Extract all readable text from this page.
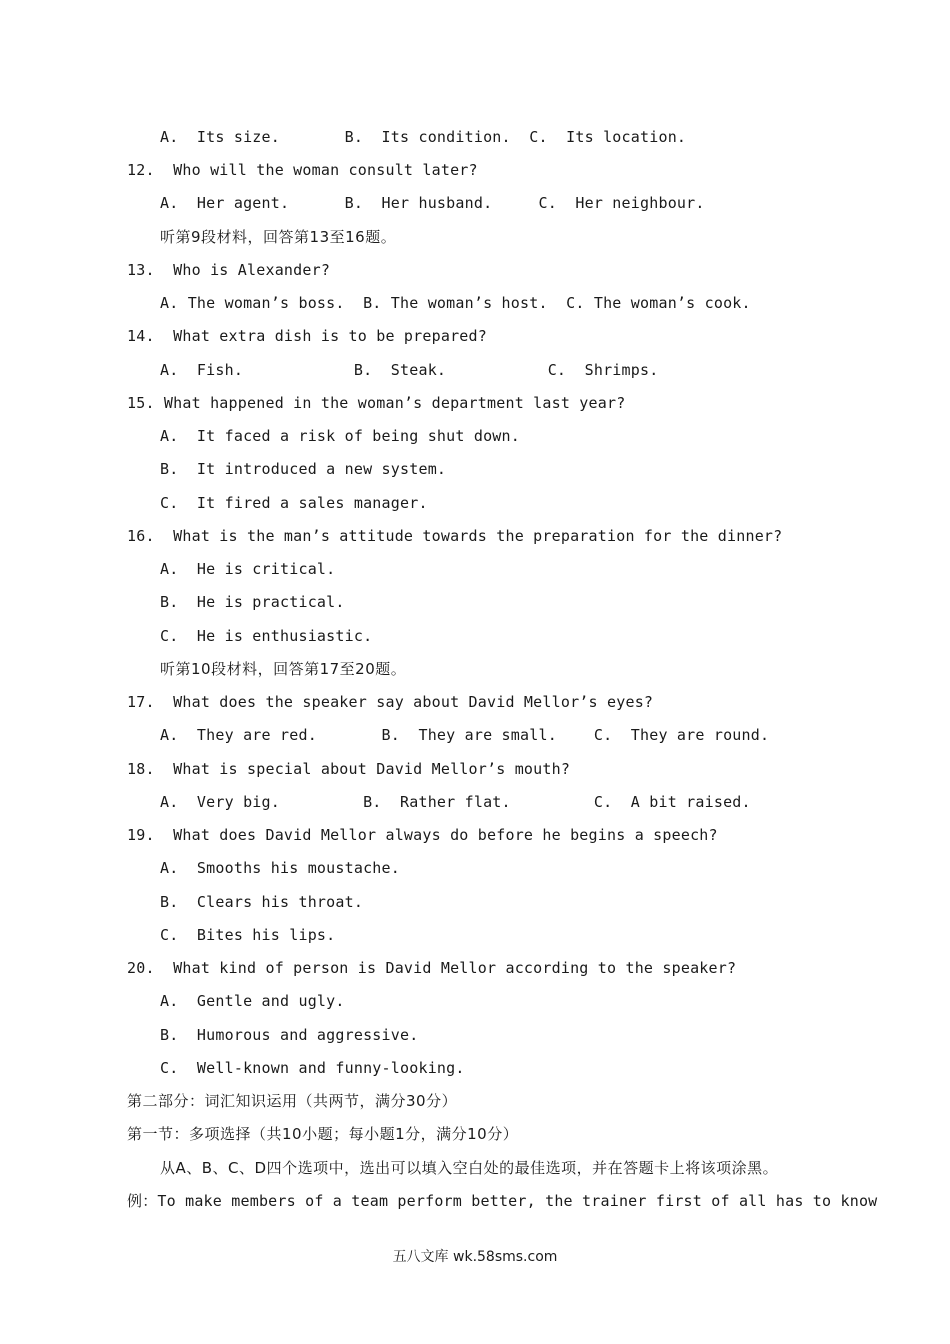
A.  Its size.       B.  Its condition.  C.  Its location.
12.  Who will the woman consult later?
A.  Her agent.      B.  Her husband.     C.  Her neighbour.
听第9段材料，回答第13至16题。
13.  Who is Alexander?
A. The woman’s boss.  B. The woman’s host.  C. The woman’s cook.
14.  What extra dish is to be prepared?
A.  Fish.            B.  Steak.           C.  Shrimps.
15. What happened in the woman’s department last year?
A.  It faced a risk of being shut down.
B.  It introduced a new system.
C.  It fired a sales manager.
16.  What is the man’s attitude towards the preparation for the dinner?
A.  He is critical.
B.  He is practical.
C.  He is enthusiastic.
听第10段材料，回答第17至20题。
17.  What does the speaker say about David Mellor’s eyes?
A.  They are red.       B.  They are small.    C.  They are round.
18.  What is special about David Mellor’s mouth?
A.  Very big.         B.  Rather flat.         C.  A bit raised.
19.  What does David Mellor always do before he begins a speech?
A.  Smooths his moustache.
B.  Clears his throat.
C.  Bites his lips.
20.  What kind of person is David Mellor according to the speaker?
A.  Gentle and ugly.
B.  Humorous and aggressive.
C.  Well-known and funny-looking.
第二部分：词汇知识运用（共两节，满分30分）
第一节：多项选择（共10小题；每小题1分，满分10分）
从A、B、C、D四个选项中，选出可以填入空白处的最佳选项，并在答题卡上将该项涂黑。
例：To make members of a team perform better, the trainer first of all has to know
五八文库 wk.58sms.com
